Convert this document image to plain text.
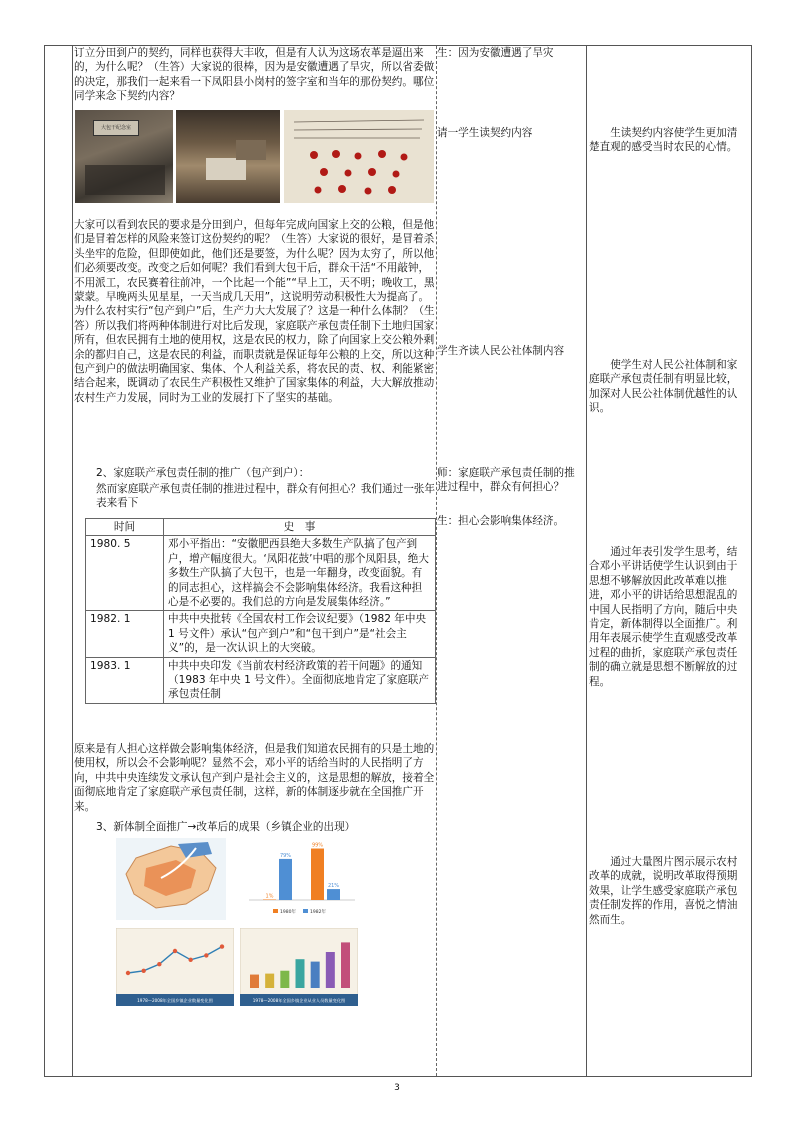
订立分田到户的契约，同样也获得大丰收，但是有人认为这场农革是逼出来的，为什么呢？（生答）大家说的很棒，因为是安徽遭遇了旱灾，所以省委做的决定，那我们一起来看一下凤阳县小岗村的签字室和当年的那份契约。哪位同学来念下契约内容？
大包干纪念室
大家可以看到农民的要求是分田到户，但每年完成向国家上交的公粮，但是他们是冒着怎样的风险来签订这份契约的呢？（生答）大家说的很好，是冒着杀头坐牢的危险，但即使如此，他们还是要签，为什么呢？因为太穷了，所以他们必须要改变。改变之后如何呢？我们看到大包干后，群众干活“不用敲钟，不用派工，农民赛着往前冲，一个比起一个能”“早上工，天不明；晚收工，黑蒙蒙。早晚两头见星星，一天当成几天用”，这说明劳动积极性大为提高了。为什么农村实行“包产到户”后，生产力大大发展了？这是一种什么体制？（生答）所以我们将两种体制进行对比后发现，家庭联产承包责任制下土地归国家所有，但农民拥有土地的使用权，这是农民的权力，除了向国家上交公粮外剩余的都归自己，这是农民的利益，而职责就是保证每年公粮的上交，所以这种包产到户的做法明确国家、集体、个人利益关系，将农民的责、权、利能紧密结合起来，既调动了农民生产积极性又维护了国家集体的利益，大大解放推动农村生产力发展，同时为工业的发展打下了坚实的基础。
2、家庭联产承包责任制的推广（包产到户）：
然而家庭联产承包责任制的推进过程中，群众有何担心？我们通过一张年表来看下
时间	史　事
1980. 5	邓小平指出：“安徽肥西县绝大多数生产队搞了包产到户，增产幅度很大。‘凤阳花鼓’中唱的那个凤阳县，绝大多数生产队搞了大包干，也是一年翻身，改变面貌。有的同志担心，这样搞会不会影响集体经济。我看这种担心是不必要的。我们总的方向是发展集体经济。”
1982. 1	中共中央批转《全国农村工作会议纪要》（1982 年中央 1 号文件）承认“包产到户”和“包干到户”是“社会主义”的，是一次认识上的大突破。
1983. 1	中共中央印发《当前农村经济政策的若干问题》的通知（1983 年中央 1 号文件）。全面彻底地肯定了家庭联产承包责任制
原来是有人担心这样做会影响集体经济，但是我们知道农民拥有的只是土地的使用权，所以会不会影响呢？显然不会，邓小平的话给当时的人民指明了方向，中共中央连续发文承认包产到户是社会主义的，这是思想的解放，接着全面彻底地肯定了家庭联产承包责任制，这样，新的体制逐步就在全国推广开来。
3、新体制全面推广→改革后的成果（乡镇企业的出现）
1%
79%
99%
21%
1980年	1982年
1978—2008年全国乡镇企业数量变化图	1978—2008年全国乡镇企业从业人员数量变化图
生：因为安徽遭遇了旱灾
请一学生读契约内容
学生齐读人民公社体制内容
师：家庭联产承包责任制的推进过程中，群众有何担心？
生：担心会影响集体经济。
生读契约内容使学生更加清楚直观的感受当时农民的心情。
使学生对人民公社体制和家庭联产承包责任制有明显比较，加深对人民公社体制优越性的认识。
通过年表引发学生思考，结合邓小平讲话使学生认识到由于思想不够解放因此改革难以推进，邓小平的讲话给思想混乱的中国人民指明了方向，随后中央肯定，新体制得以全面推广。利用年表展示使学生直观感受改革过程的曲折，家庭联产承包责任制的确立就是思想不断解放的过程。
通过大量图片图示展示农村改革的成就，说明改革取得预期效果，让学生感受家庭联产承包责任制发挥的作用，喜悦之情油然而生。
3
